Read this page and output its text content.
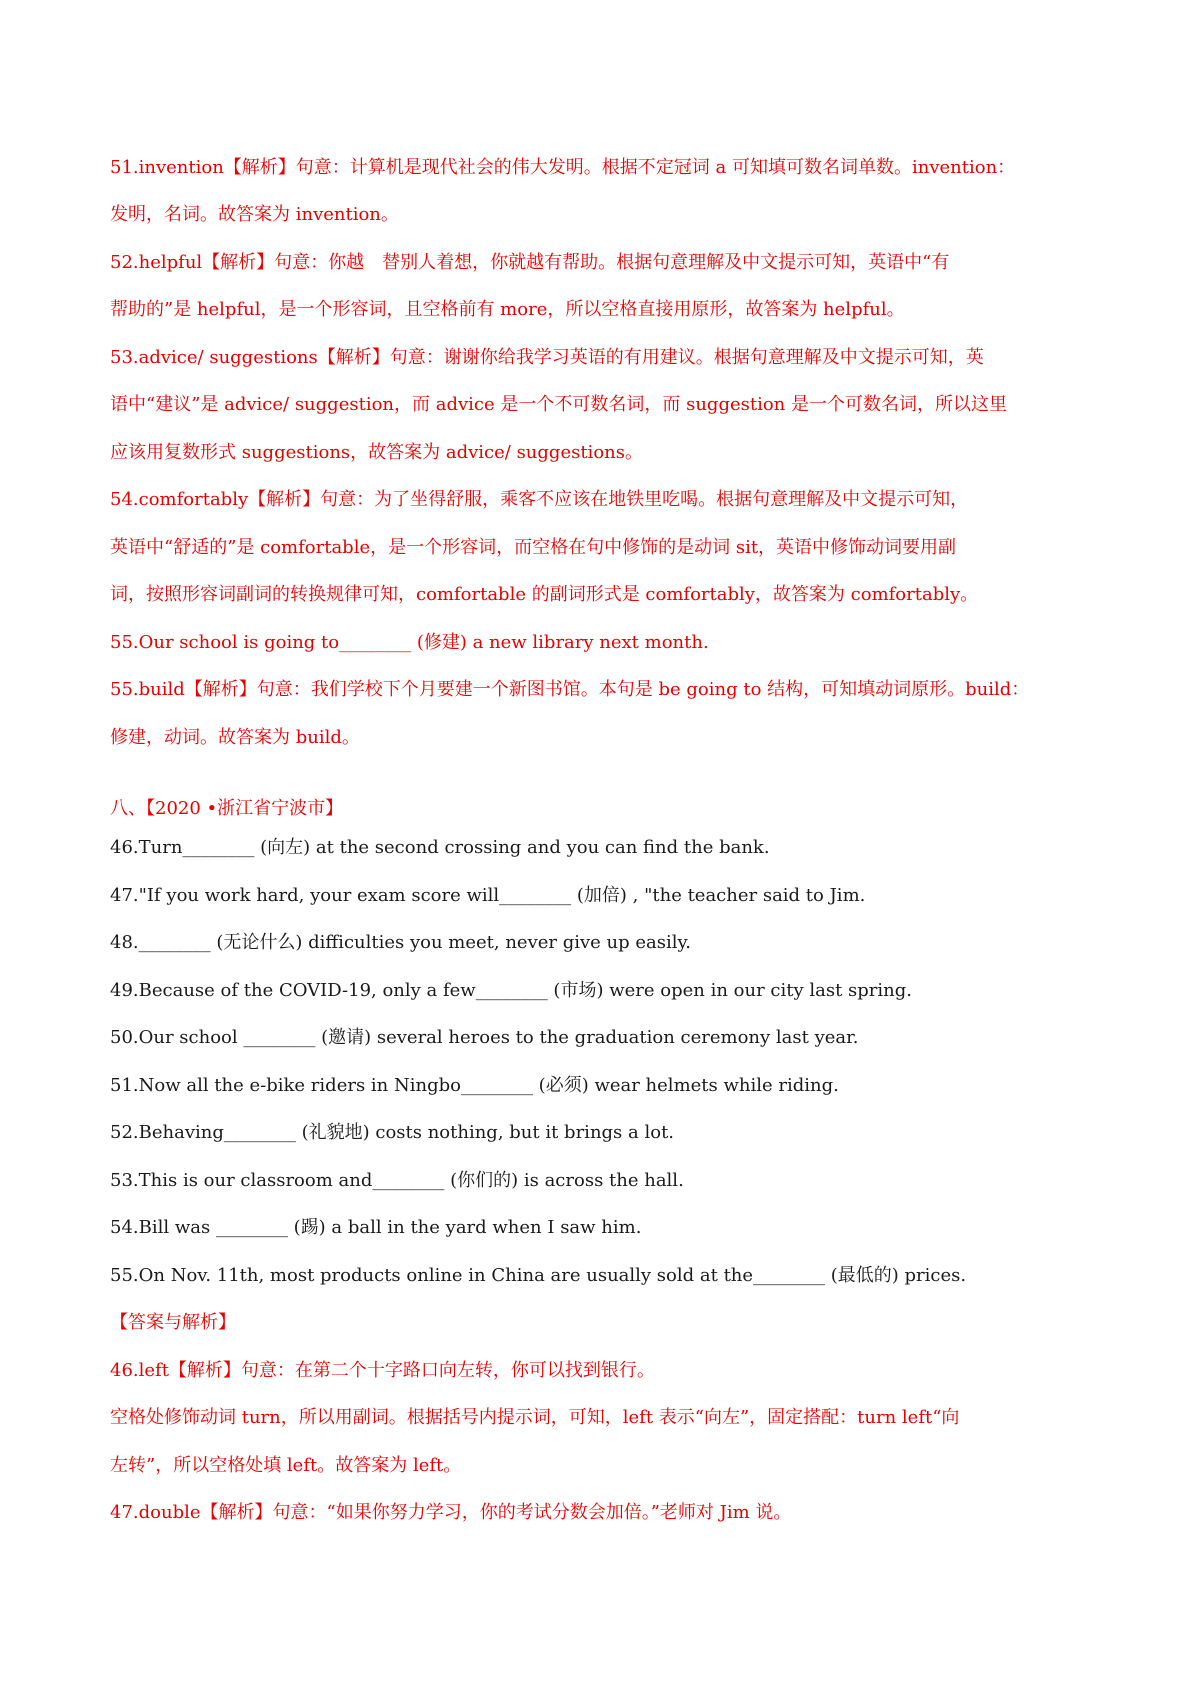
51.invention【解析】句意：计算机是现代社会的伟大发明。根据不定冠词 a 可知填可数名词单数。invention：
发明，名词。故答案为 invention。
52.helpful【解析】句意：你越　替别人着想，你就越有帮助。根据句意理解及中文提示可知，英语中“有
帮助的”是 helpful，是一个形容词，且空格前有 more，所以空格直接用原形，故答案为 helpful。
53.advice/ suggestions【解析】句意：谢谢你给我学习英语的有用建议。根据句意理解及中文提示可知，英
语中“建议”是 advice/ suggestion，而 advice 是一个不可数名词，而 suggestion 是一个可数名词，所以这里
应该用复数形式 suggestions，故答案为 advice/ suggestions。
54.comfortably【解析】句意：为了坐得舒服，乘客不应该在地铁里吃喝。根据句意理解及中文提示可知，
英语中“舒适的”是 comfortable，是一个形容词，而空格在句中修饰的是动词 sit，英语中修饰动词要用副
词，按照形容词副词的转换规律可知，comfortable 的副词形式是 comfortably，故答案为 comfortably。
55.Our school is going to________ (修建) a new library next month.
55.build【解析】句意：我们学校下个月要建一个新图书馆。本句是 be going to 结构，可知填动词原形。build：
修建，动词。故答案为 build。
八、【2020 •浙江省宁波市】
46.Turn________ (向左) at the second crossing and you can find the bank.
47."If you work hard, your exam score will________ (加倍) , "the teacher said to Jim.
48.________ (无论什么) difficulties you meet, never give up easily.
49.Because of the COVID-19, only a few________ (市场) were open in our city last spring.
50.Our school ________ (邀请) several heroes to the graduation ceremony last year.
51.Now all the e-bike riders in Ningbo________ (必须) wear helmets while riding.
52.Behaving________ (礼貌地) costs nothing, but it brings a lot.
53.This is our classroom and________ (你们的) is across the hall.
54.Bill was ________ (踢) a ball in the yard when I saw him.
55.On Nov. 11th, most products online in China are usually sold at the________ (最低的) prices.
【答案与解析】
46.left【解析】句意：在第二个十字路口向左转，你可以找到银行。
空格处修饰动词 turn，所以用副词。根据括号内提示词，可知，left 表示“向左”，固定搭配：turn left“向
左转”，所以空格处填 left。故答案为 left。
47.double【解析】句意：“如果你努力学习，你的考试分数会加倍。”老师对 Jim 说。
